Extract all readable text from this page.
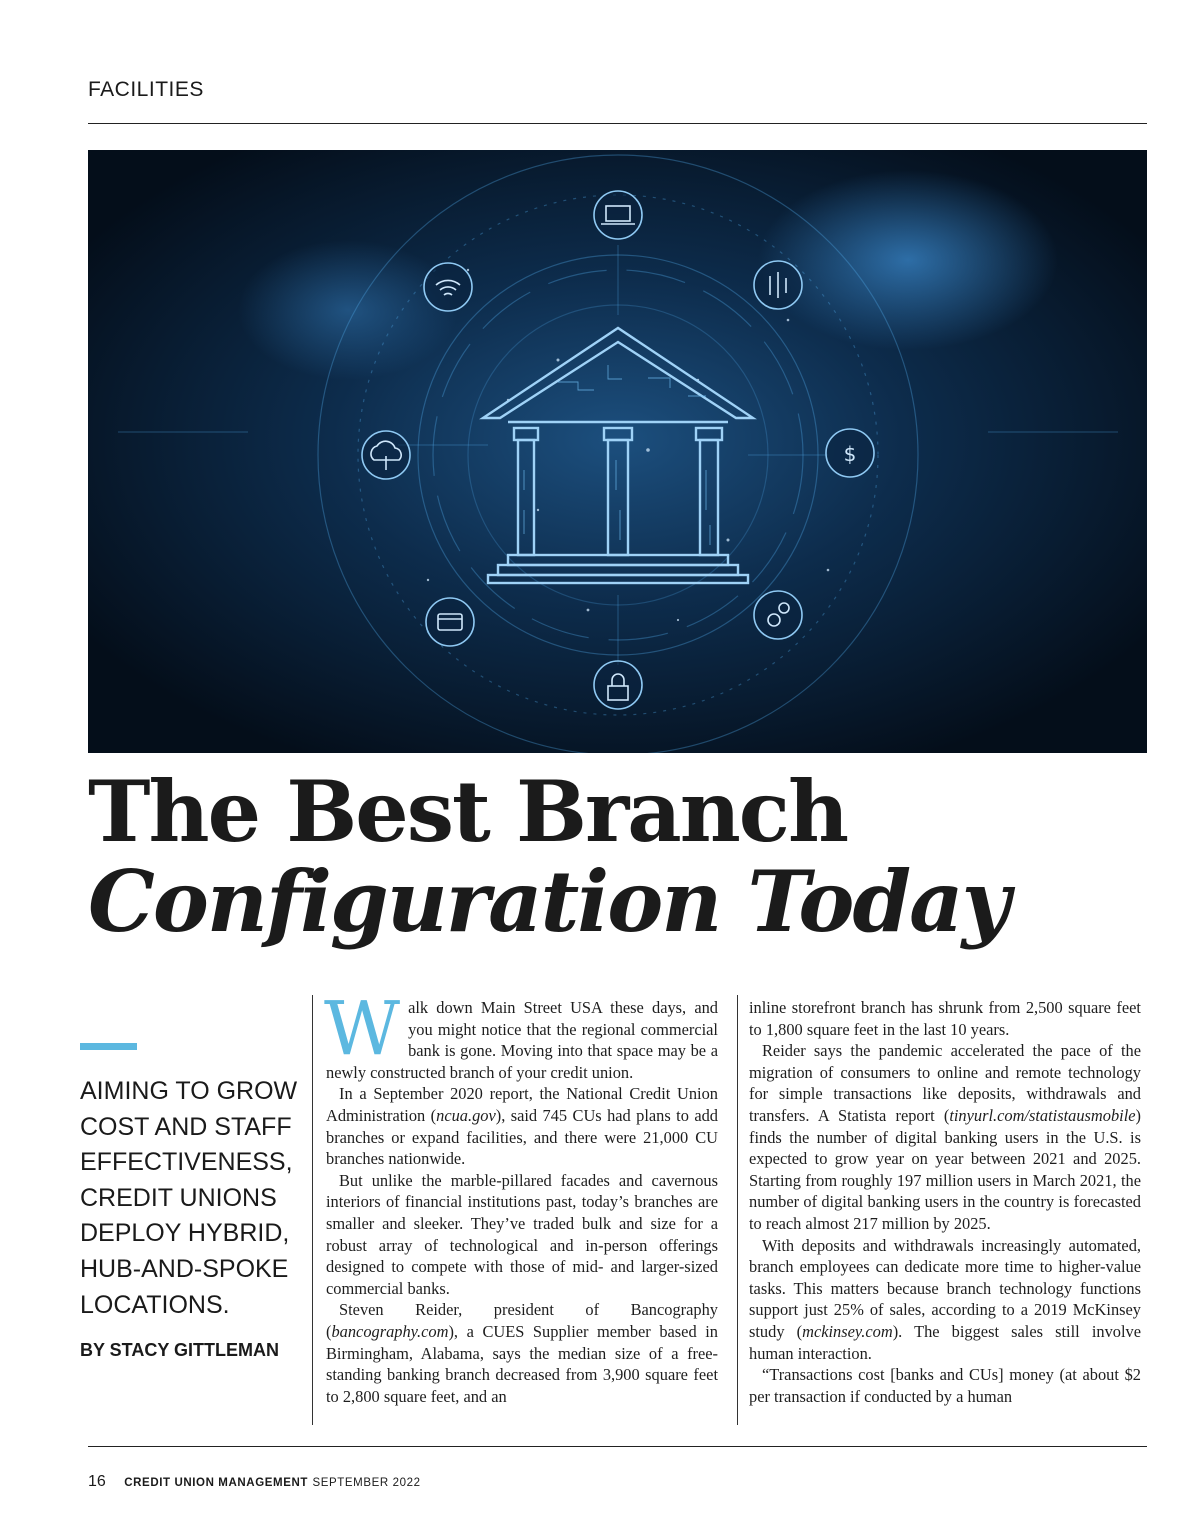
FACILITIES
$
The Best Branch
Configuration Today
AIMING TO GROW COST AND STAFF EFFECTIVENESS, CREDIT UNIONS DEPLOY HYBRID, HUB-AND-SPOKE LOCATIONS.
BY STACY GITTLEMAN

Walk down Main Street USA these days, and you might notice that the regional commercial bank is gone. Moving into that space may be a newly constructed branch of your credit union.

In a September 2020 report, the National Credit Union Administration (ncua.gov), said 745 CUs had plans to add branches or expand facilities, and there were 21,000 CU branches nationwide.

But unlike the marble-pillared facades and cavernous interiors of financial institutions past, today’s branches are smaller and sleeker. They’ve traded bulk and size for a robust array of technological and in-person offerings designed to compete with those of mid- and larger-sized commercial banks.

Steven Reider, president of Bancography (bancography.com), a CUES Supplier member based in Birmingham, Alabama, says the median size of a free-standing banking branch decreased from 3,900 square feet to 2,800 square feet, and an

inline storefront branch has shrunk from 2,500 square feet to 1,800 square feet in the last 10 years.

Reider says the pandemic accelerated the pace of the migration of consumers to online and remote technology for simple transactions like deposits, withdrawals and transfers. A Statista report (tinyurl.com/statistausmobile) finds the number of digital banking users in the U.S. is expected to grow year on year between 2021 and 2025. Starting from roughly 197 million users in March 2021, the number of digital banking users in the country is forecasted to reach almost 217 million by 2025.

With deposits and withdrawals increasingly automated, branch employees can dedicate more time to higher-value tasks. This matters because branch technology functions support just 25% of sales, according to a 2019 McKinsey study (mckinsey.com). The biggest sales still involve human interaction.

“Transactions cost [banks and CUs] money (at about $2 per transaction if conducted by a human

16 CREDIT UNION MANAGEMENT SEPTEMBER 2022
